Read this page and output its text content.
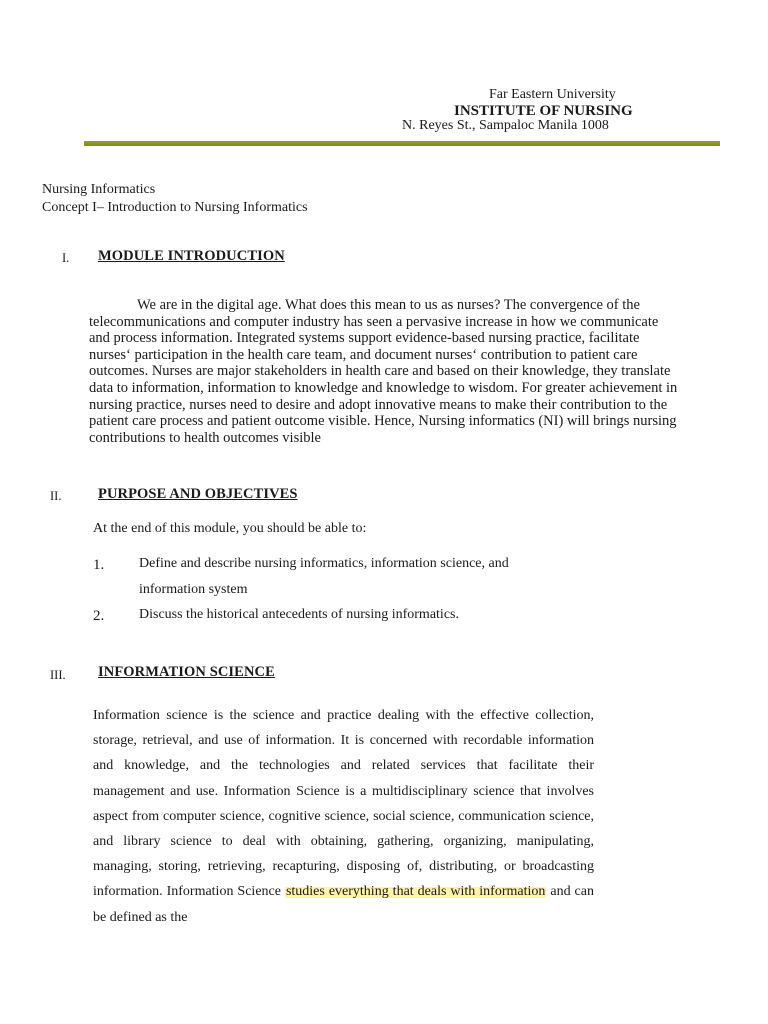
Far Eastern University
INSTITUTE OF NURSING
N. Reyes St., Sampaloc Manila 1008
Nursing Informatics
Concept I– Introduction to Nursing Informatics
I. MODULE INTRODUCTION
We are in the digital age. What does this mean to us as nurses? The convergence of the telecommunications and computer industry has seen a pervasive increase in how we communicate and process information. Integrated systems support evidence-based nursing practice, facilitate nurses‘ participation in the health care team, and document nurses‘ contribution to patient care outcomes. Nurses are major stakeholders in health care and based on their knowledge, they translate data to information, information to knowledge and knowledge to wisdom. For greater achievement in nursing practice, nurses need to desire and adopt innovative means to make their contribution to the patient care process and patient outcome visible. Hence, Nursing informatics (NI) will brings nursing contributions to health outcomes visible
II.	PURPOSE AND OBJECTIVES
At the end of this module, you should be able to:
1. Define and describe nursing informatics, information science, and information system
2. Discuss the historical antecedents of nursing informatics.
III. INFORMATION SCIENCE
Information science is the science and practice dealing with the effective collection, storage, retrieval, and use of information. It is concerned with recordable information and knowledge, and the technologies and related services that facilitate their management and use. Information Science is a multidisciplinary science that involves aspect from computer science, cognitive science, social science, communication science, and library science to deal with obtaining, gathering, organizing, manipulating, managing, storing, retrieving, recapturing, disposing of, distributing, or broadcasting information. Information Science studies everything that deals with information and can be defined as the
